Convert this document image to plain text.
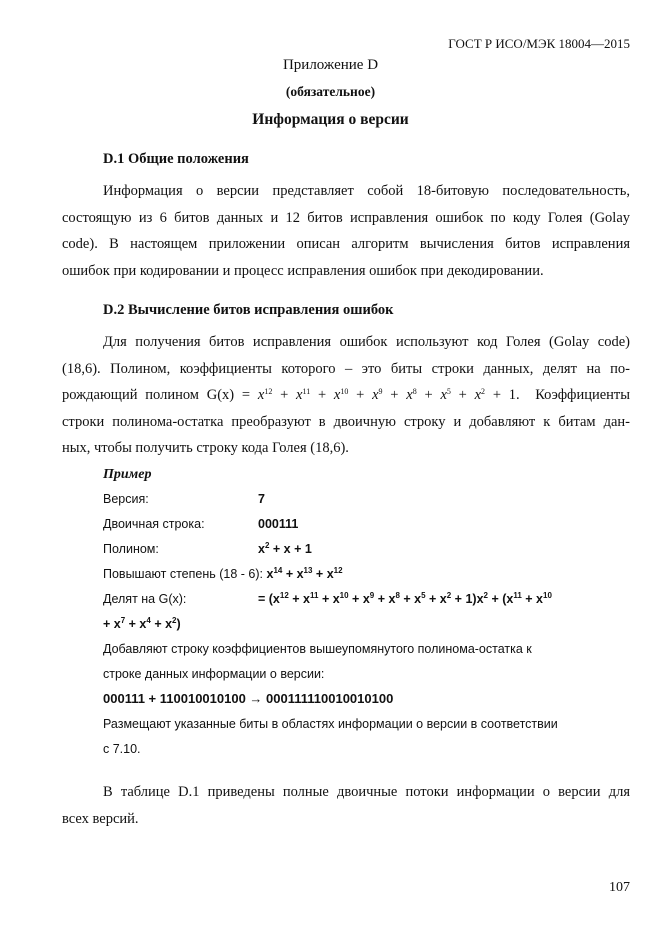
ГОСТ Р ИСО/МЭК 18004—2015
Приложение D
(обязательное)
Информация о версии
D.1 Общие положения
Информация о версии представляет собой 18-битовую последовательность,
состоящую из 6 битов данных и 12 битов исправления ошибок по коду Голея (Golay
code). В настоящем приложении описан алгоритм вычисления битов исправления
ошибок при кодировании и процесс исправления ошибок при декодировании.
D.2 Вычисление битов исправления ошибок
Для получения битов исправления ошибок используют код Голея (Golay code)
(18,6). Полином, коэффициенты которого – это биты строки данных, делят на по-
рождающий полином $G(x) = x^{12} + x^{11} + x^{10} + x^9 + x^8 + x^5 + x^2 + 1$. Коэффициенты
строки полинома-остатка преобразуют в двоичную строку и добавляют к битам дан-
ных, чтобы получить строку кода Голея (18,6).
Пример
Версия:	7
Двоичная строка:	000111
Полином:	$x^2 + x + 1$
Повышают степень (18 - 6): $x^{14} + x^{13} + x^{12}$
Делят на G(x):	= $(x^{12} + x^{11} + x^{10} + x^9 + x^8 + x^5 + x^2 + 1)x^2 + (x^{11} + x^{10}$
+ $x^7 + x^4 + x^2$)
Добавляют строку коэффициентов вышеупомянутого полинома-остатка к
строке данных информации о версии:
000111 + 110010010100 → 000111110010010100
Размещают указанные биты в областях информации о версии в соответствии
с 7.10.
В таблице D.1 приведены полные двоичные потоки информации о версии для
всех версий.
107
